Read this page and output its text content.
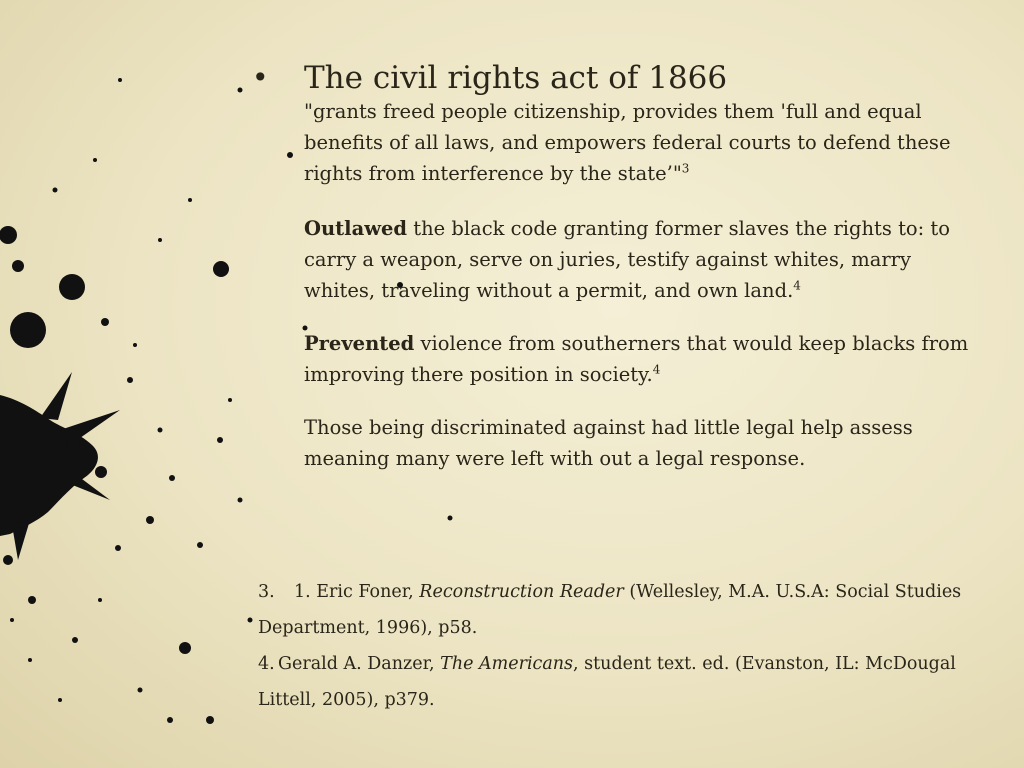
• The civil rights act of 1866

"grants freed people citizenship, provides them 'full and equal benefits of all laws, and empowers federal courts to defend these rights from interference by the state’"$^3$

Outlawed the black code granting former slaves the rights to: to carry a weapon, serve on juries, testify against whites, marry whites, traveling without a permit, and own land.$^4$

Prevented violence from southerners that would keep blacks from improving there position in society.$^4$

Those being discriminated against had little legal help assess meaning many were left with out a legal response.

3. 1. Eric Foner, Reconstruction Reader (Wellesley, M.A. U.S.A: Social Studies Department, 1996), p58.

4. Gerald A. Danzer, The Americans, student text. ed. (Evanston, IL: McDougal Littell, 2005), p379.
